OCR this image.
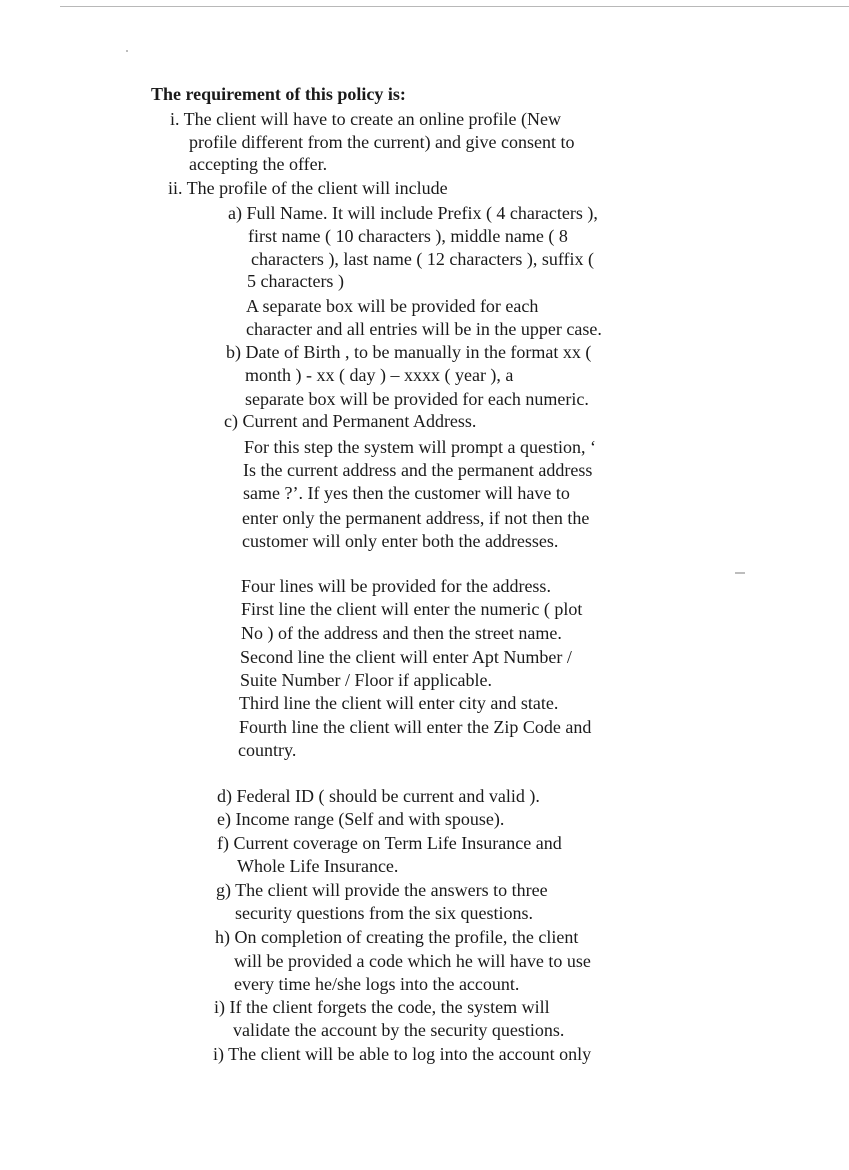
The requirement of this policy is:
i. The client will have to create an online profile (New
profile different from the current) and give consent to
accepting the offer.
ii. The profile of the client will include
a) Full Name. It will include Prefix ( 4 characters ),
first name ( 10 characters ), middle name ( 8
characters ), last name ( 12 characters ), suffix (
5 characters )
A separate box will be provided for each
character and all entries will be in the upper case.
b) Date of Birth , to be manually in the format xx (
month ) - xx ( day ) – xxxx ( year ), a
separate box will be provided for each numeric.
c) Current and Permanent Address.
For this step the system will prompt a question, ‘
Is the current address and the permanent address
same ?’. If yes then the customer will have to
enter only the permanent address, if not then the
customer will only enter both the addresses.
Four lines will be provided for the address.
First line the client will enter the numeric ( plot
No ) of the address and then the street name.
Second line the client will enter Apt Number /
Suite Number / Floor if applicable.
Third line the client will enter city and state.
Fourth line the client will enter the Zip Code and
country.
d) Federal ID ( should be current and valid ).
e) Income range (Self and with spouse).
f) Current coverage on Term Life Insurance and
Whole Life Insurance.
g) The client will provide the answers to three
security questions from the six questions.
h) On completion of creating the profile, the client
will be provided a code which he will have to use
every time he/she logs into the account.
i) If the client forgets the code, the system will
validate the account by the security questions.
i) The client will be able to log into the account only
